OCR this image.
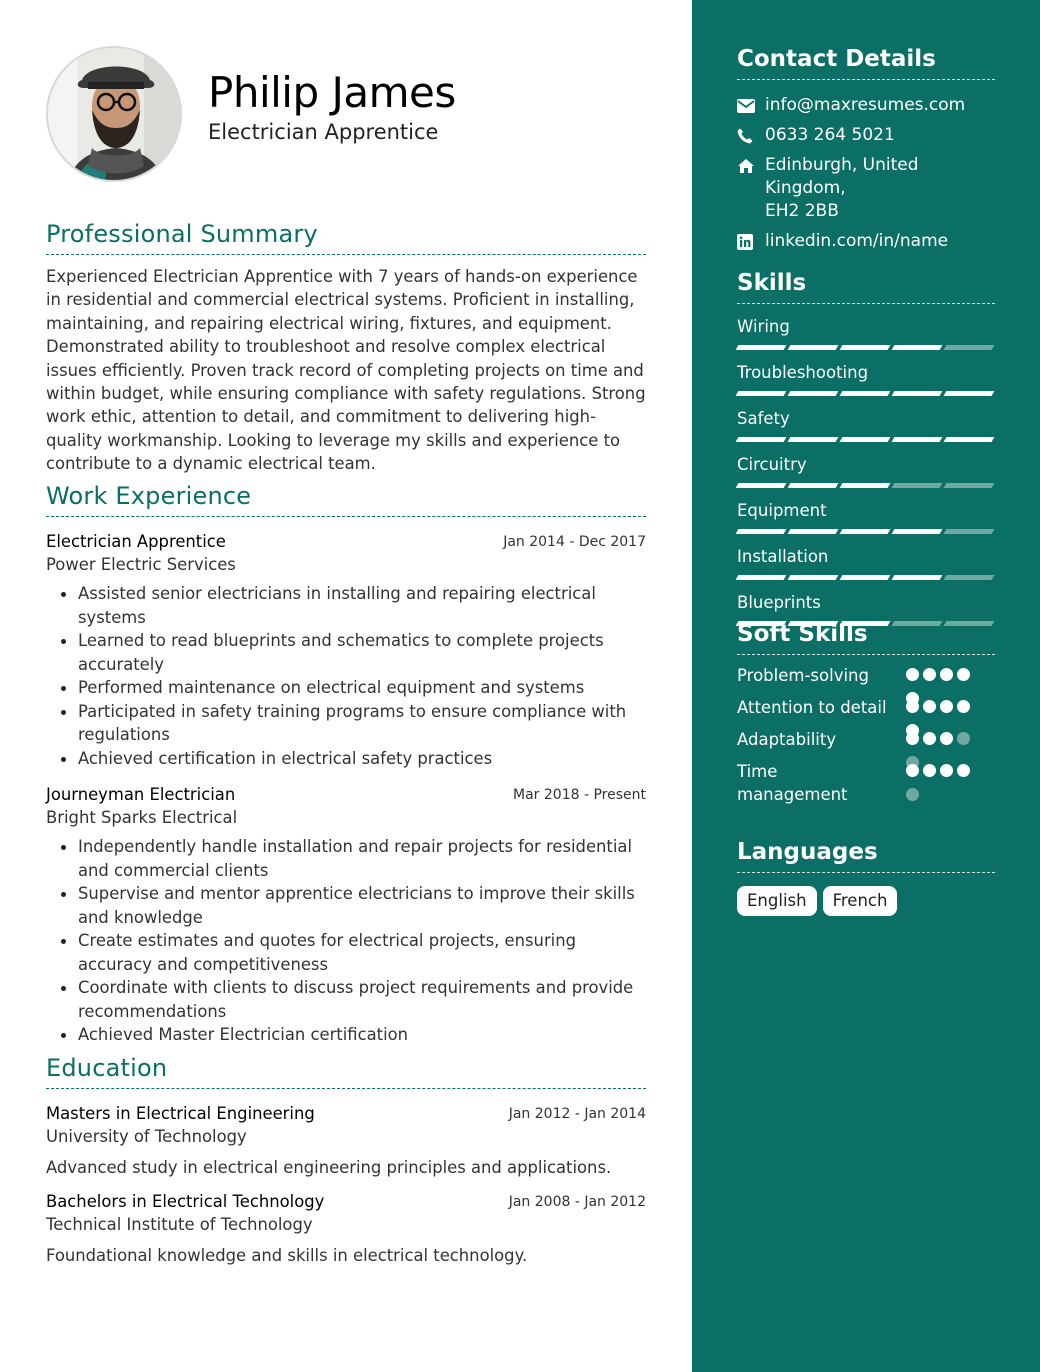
Philip James
Electrician Apprentice
Professional Summary

Experienced Electrician Apprentice with 7 years of hands-on experience in residential and commercial electrical systems. Proficient in installing, maintaining, and repairing electrical wiring, fixtures, and equipment. Demonstrated ability to troubleshoot and resolve complex electrical issues efficiently. Proven track record of completing projects on time and within budget, while ensuring compliance with safety regulations. Strong work ethic, attention to detail, and commitment to delivering high-quality workmanship. Looking to leverage my skills and experience to contribute to a dynamic electrical team.

Work Experience
Electrician Apprentice	Jan 2014 - Dec 2017
Power Electric Services
Assisted senior electricians in installing and repairing electrical systems
Learned to read blueprints and schematics to complete projects accurately
Performed maintenance on electrical equipment and systems
Participated in safety training programs to ensure compliance with regulations
Achieved certification in electrical safety practices
Journeyman Electrician	Mar 2018 - Present
Bright Sparks Electrical
Independently handle installation and repair projects for residential and commercial clients
Supervise and mentor apprentice electricians to improve their skills and knowledge
Create estimates and quotes for electrical projects, ensuring accuracy and competitiveness
Coordinate with clients to discuss project requirements and provide recommendations
Achieved Master Electrician certification
Education
Masters in Electrical Engineering	Jan 2012 - Jan 2014
University of Technology
Advanced study in electrical engineering principles and applications.
Bachelors in Electrical Technology	Jan 2008 - Jan 2012
Technical Institute of Technology
Foundational knowledge and skills in electrical technology.
Contact Details
info@maxresumes.com
0633 264 5021
Edinburgh, United Kingdom,
EH2 2BB
linkedin.com/in/name
Skills
Wiring
Troubleshooting
Safety
Circuitry
Equipment
Installation
Blueprints
Soft Skills
Problem-solving
Attention to detail
Adaptability
Time management
Languages
English	French
